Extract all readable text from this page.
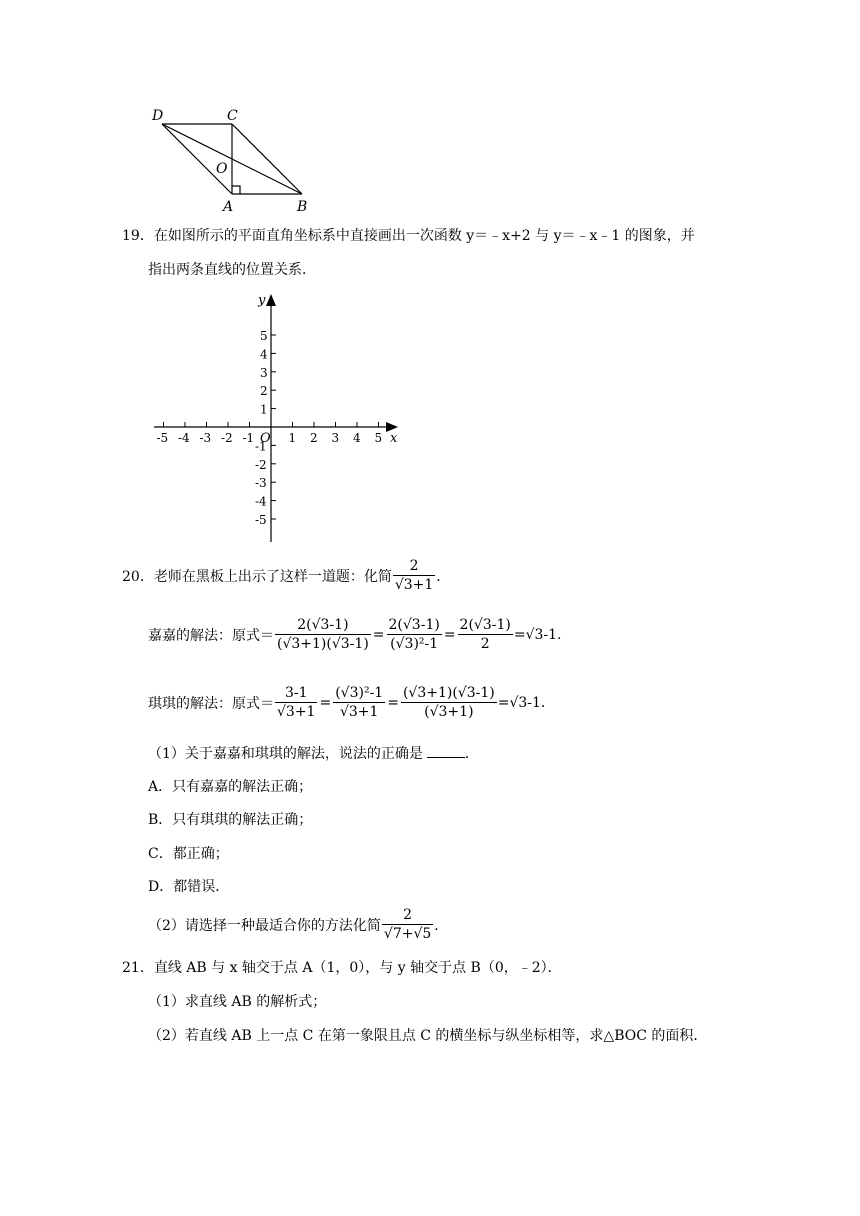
D	C
O
A	B
19．在如图所示的平面直角坐标系中直接画出一次函数 y＝﹣x+2 与 y＝﹣x﹣1 的图象，并
指出两条直线的位置关系．
y
x
O
-5 -4 -3 -2 -1	1 2 3 4 5
5
4
3
2
1
-1
-2
-3
-4
-5
20．老师在黑板上出示了这样一道题：化简 $\frac{2}{√3+1}$ ．
嘉嘉的解法：原式＝ $\frac{2(√3-1)}{(√3+1)(√3-1)} = \frac{2(√3-1)}{\text{(√3)²-1}} = \frac{2(√3-1)}{2} =√3-1$.
琪琪的解法：原式＝ $\frac{3-1}{√3+1} = \frac{\text{(√3)²-1}}{√3+1} = \frac{(√3+1)(√3-1)}{(√3+1)} =√3-1$.
（1）关于嘉嘉和琪琪的解法，说法的正确是	．
A．只有嘉嘉的解法正确；
B．只有琪琪的解法正确；
C．都正确；
D．都错误．
（2）请选择一种最适合你的方法化简 $\frac{2}{√7+√5}$ ．
21．直线 AB 与 x 轴交于点 A（1，0），与 y 轴交于点 B（0，﹣2）．
（1）求直线 AB 的解析式；
（2）若直线 AB 上一点 C 在第一象限且点 C 的横坐标与纵坐标相等，求△BOC 的面积．
